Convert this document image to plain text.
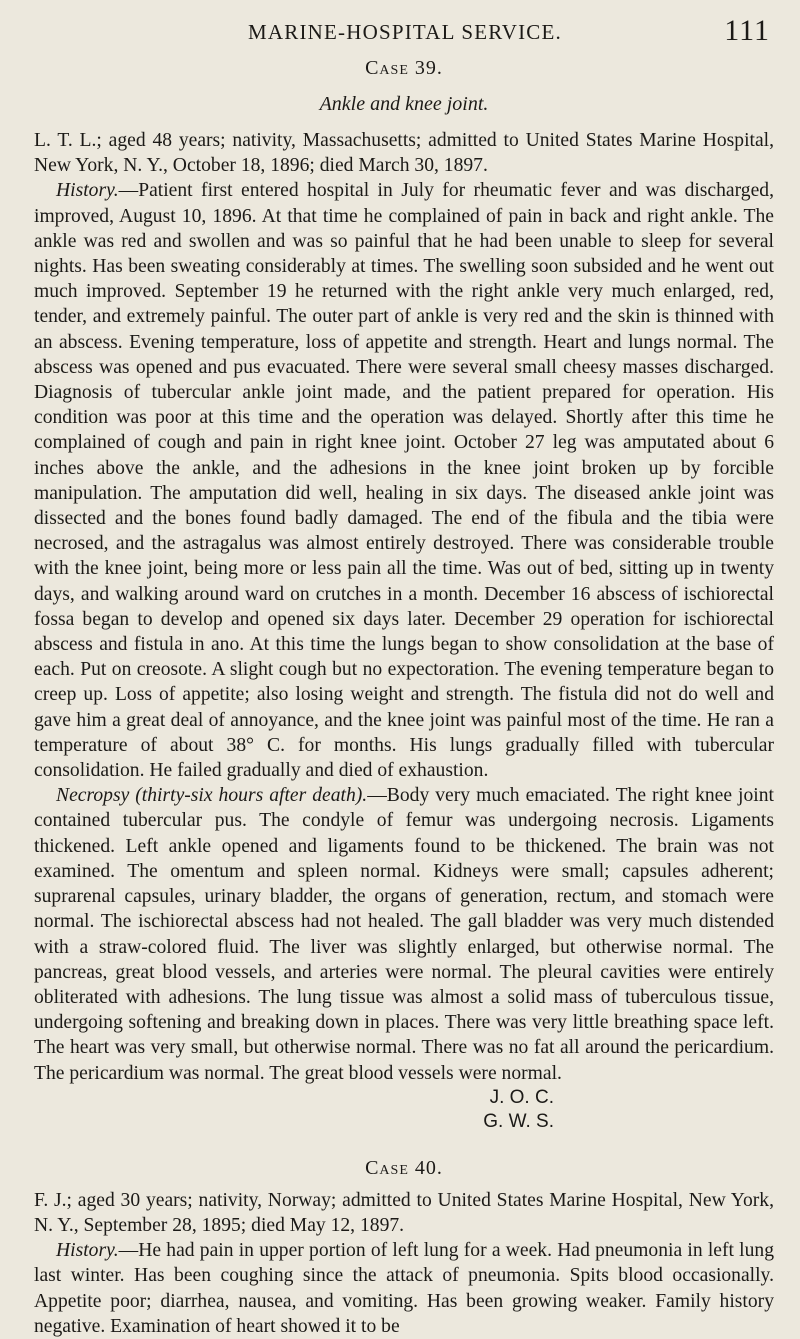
MARINE-HOSPITAL SERVICE.	111
Case 39.
Ankle and knee joint.

L. T. L.; aged 48 years; nativity, Massachusetts; admitted to United States Marine Hospital, New York, N. Y., October 18, 1896; died March 30, 1897.

History.—Patient first entered hospital in July for rheumatic fever and was discharged, improved, August 10, 1896. At that time he complained of pain in back and right ankle. The ankle was red and swollen and was so painful that he had been unable to sleep for several nights. Has been sweating considerably at times. The swelling soon subsided and he went out much improved. September 19 he returned with the right ankle very much enlarged, red, tender, and extremely painful. The outer part of ankle is very red and the skin is thinned with an abscess. Evening temperature, loss of appetite and strength. Heart and lungs normal. The abscess was opened and pus evacuated. There were several small cheesy masses discharged. Diagnosis of tubercular ankle joint made, and the patient prepared for operation. His condition was poor at this time and the operation was delayed. Shortly after this time he complained of cough and pain in right knee joint. October 27 leg was amputated about 6 inches above the ankle, and the adhesions in the knee joint broken up by forcible manipulation. The amputation did well, healing in six days. The diseased ankle joint was dissected and the bones found badly damaged. The end of the fibula and the tibia were necrosed, and the astragalus was almost entirely destroyed. There was considerable trouble with the knee joint, being more or less pain all the time. Was out of bed, sitting up in twenty days, and walking around ward on crutches in a month. December 16 abscess of ischiorectal fossa began to develop and opened six days later. December 29 operation for ischiorectal abscess and fistula in ano. At this time the lungs began to show consolidation at the base of each. Put on creosote. A slight cough but no expectoration. The evening temperature began to creep up. Loss of appetite; also losing weight and strength. The fistula did not do well and gave him a great deal of annoyance, and the knee joint was painful most of the time. He ran a temperature of about 38° C. for months. His lungs gradually filled with tubercular consolidation. He failed gradually and died of exhaustion.

Necropsy (thirty-six hours after death).—Body very much emaciated. The right knee joint contained tubercular pus. The condyle of femur was undergoing necrosis. Ligaments thickened. Left ankle opened and ligaments found to be thickened. The brain was not examined. The omentum and spleen normal. Kidneys were small; capsules adherent; suprarenal capsules, urinary bladder, the organs of generation, rectum, and stomach were normal. The ischiorectal abscess had not healed. The gall bladder was very much distended with a straw-colored fluid. The liver was slightly enlarged, but otherwise normal. The pancreas, great blood vessels, and arteries were normal. The pleural cavities were entirely obliterated with adhesions. The lung tissue was almost a solid mass of tuberculous tissue, undergoing softening and breaking down in places. There was very little breathing space left. The heart was very small, but otherwise normal. There was no fat all around the pericardium. The pericardium was normal. The great blood vessels were normal.

J. O. C.
G. W. S.
Case 40.

F. J.; aged 30 years; nativity, Norway; admitted to United States Marine Hospital, New York, N. Y., September 28, 1895; died May 12, 1897.

History.—He had pain in upper portion of left lung for a week. Had pneumonia in left lung last winter. Has been coughing since the attack of pneumonia. Spits blood occasionally. Appetite poor; diarrhea, nausea, and vomiting. Has been growing weaker. Family history negative. Examination of heart showed it to be
